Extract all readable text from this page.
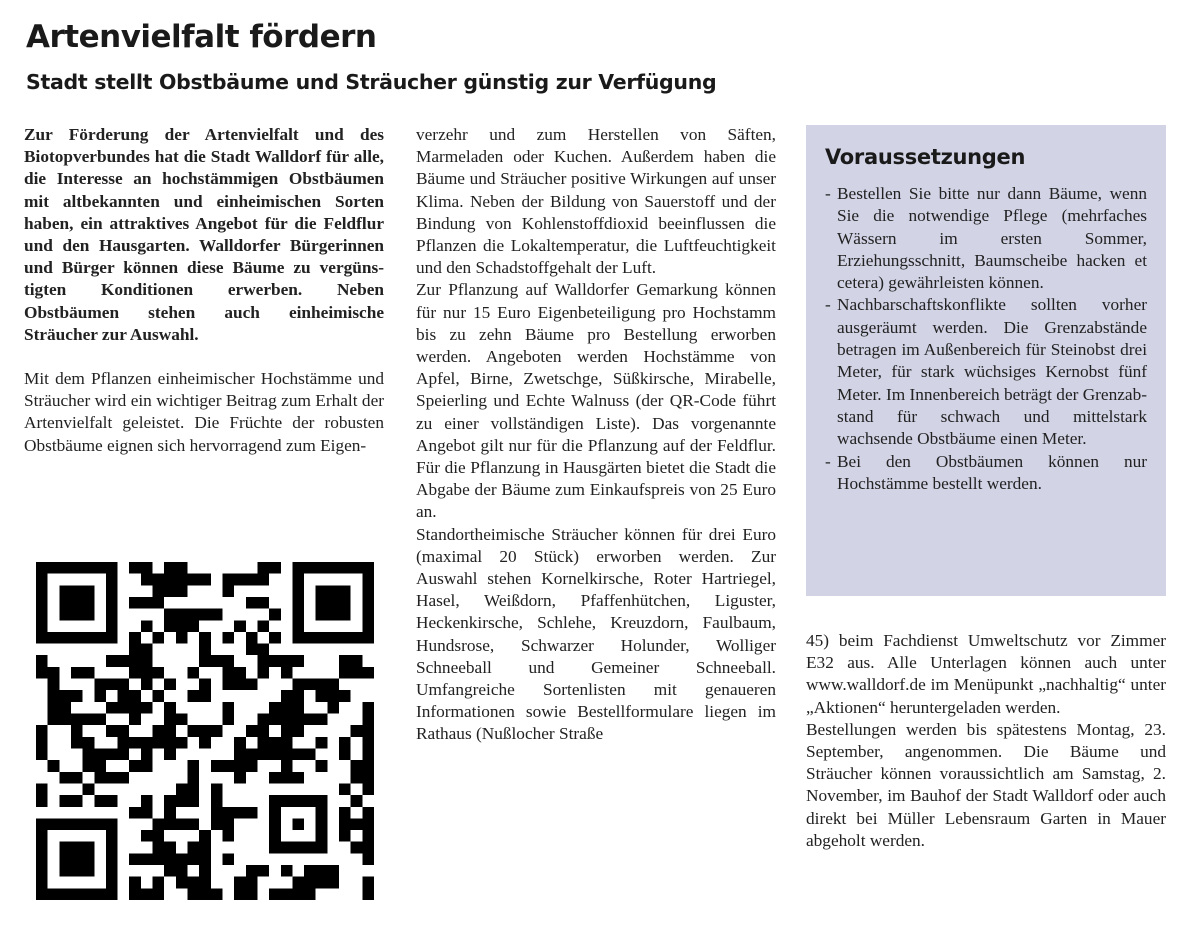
Artenvielfalt fördern
Stadt stellt Obstbäume und Sträucher günstig zur Verfügung

Zur Förderung der Artenvielfalt und des Biotopverbundes hat die Stadt Walldorf für alle, die Interesse an hochstämmigen Obstbäumen mit altbekannten und einheimischen Sorten haben, ein attraktives Angebot für die Feldflur und den Hausgarten. Walldorfer Bürgerinnen und Bürger können diese Bäume zu vergünstigten Konditionen erwerben. Neben Obstbäumen stehen auch einheimische Sträucher zur Auswahl.

Mit dem Pflanzen einheimischer Hochstämme und Sträucher wird ein wichtiger Beitrag zum Erhalt der Artenvielfalt geleistet. Die Früchte der robusten Obstbäume eignen sich hervorragend zum Eigen-

verzehr und zum Herstellen von Säften, Marmeladen oder Kuchen. Außerdem haben die Bäume und Sträucher positive Wirkungen auf unser Klima. Neben der Bildung von Sauerstoff und der Bindung von Kohlenstoffdioxid beeinflussen die Pflanzen die Lokaltemperatur, die Luftfeuchtigkeit und den Schadstoffgehalt der Luft.

Zur Pflanzung auf Walldorfer Gemarkung können für nur 15 Euro Eigenbeteiligung pro Hochstamm bis zu zehn Bäume pro Bestellung erworben werden. Angeboten werden Hochstämme von Apfel, Birne, Zwetschge, Süßkirsche, Mirabelle, Speierling und Echte Walnuss (der QR-Code führt zu einer vollständigen Liste). Das vorgenannte Angebot gilt nur für die Pflanzung auf der Feldflur. Für die Pflanzung in Hausgärten bietet die Stadt die Abgabe der Bäume zum Einkaufspreis von 25 Euro an.

Standortheimische Sträucher können für drei Euro (maximal 20 Stück) erworben werden. Zur Auswahl stehen Kornelkirsche, Roter Hartriegel, Hasel, Weißdorn, Pfaffenhütchen, Liguster, Heckenkirsche, Schlehe, Kreuzdorn, Faulbaum, Hundsrose, Schwarzer Holunder, Wolliger Schneeball und Gemeiner Schneeball. Umfangreiche Sortenlisten mit genaueren Informationen sowie Bestellformulare liegen im Rathaus (Nußlocher Straße

Voraussetzungen
- Bestellen Sie bitte nur dann Bäume, wenn Sie die notwendige Pflege (mehrfaches Wässern im ersten Sommer, Erziehungsschnitt, Baumscheibe hacken et cetera) gewährleisten können.
- Nachbarschaftskonflikte sollten vorher ausgeräumt werden. Die Grenzabstände betragen im Außenbereich für Steinobst drei Meter, für stark wüchsiges Kernobst fünf Meter. Im Innenbereich beträgt der Grenzabstand für schwach und mittelstark wachsende Obstbäume einen Meter.
- Bei den Obstbäumen können nur Hochstämme bestellt werden.

45) beim Fachdienst Umweltschutz vor Zimmer E32 aus. Alle Unterlagen können auch unter www.walldorf.de im Menüpunkt „nachhaltig“ unter „Aktionen“ heruntergeladen werden.

Bestellungen werden bis spätestens Montag, 23. September, angenommen. Die Bäume und Sträucher können voraussichtlich am Samstag, 2. November, im Bauhof der Stadt Walldorf oder auch direkt bei Müller Lebensraum Garten in Mauer abgeholt werden.
